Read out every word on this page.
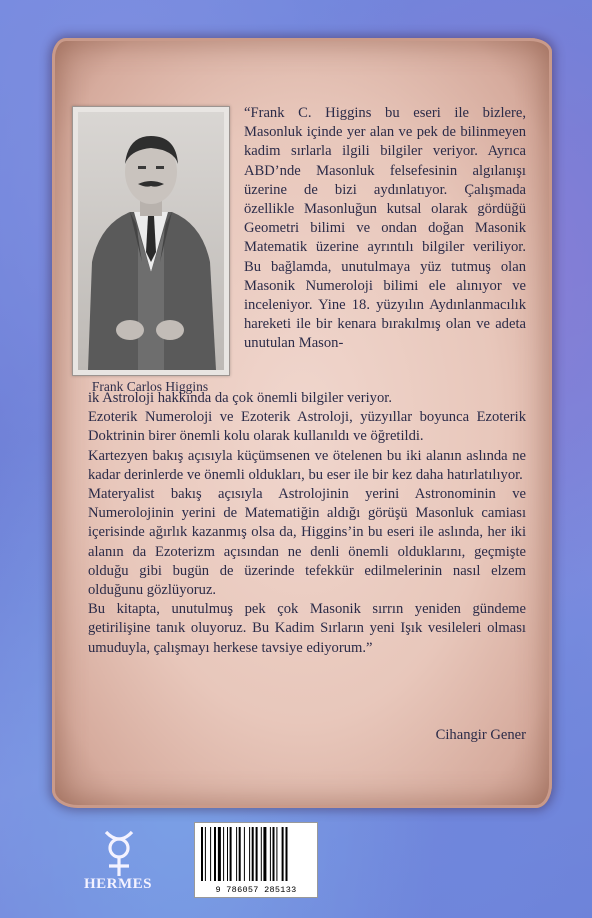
Frank Carlos Higgins

“Frank C. Higgins bu eseri ile bizlere, Masonluk içinde yer alan ve pek de bilinmeyen kadim sırlarla ilgili bilgiler veriyor. Ayrıca ABD’nde Masonluk felsefesinin algılanışı üzerine de bizi aydınlatıyor. Çalışmada özellikle Masonluğun kutsal olarak gördüğü Geometri bilimi ve ondan doğan Masonik Matematik üzerine ayrıntılı bilgiler veriliyor. Bu bağlamda, unutulmaya yüz tutmuş olan Masonik Numeroloji bilimi ele alınıyor ve inceleniyor. Yine 18. yüzyılın Aydınlanmacılık hareketi ile bir kenara bırakılmış olan ve adeta unutulan Mason-

ik Astroloji hakkında da çok önemli bilgiler veriyor.

Ezoterik Numeroloji ve Ezoterik Astroloji, yüzyıllar boyunca Ezoterik Doktrinin birer önemli kolu olarak kullanıldı ve öğretildi.

Kartezyen bakış açısıyla küçümsenen ve ötelenen bu iki alanın aslında ne kadar derinlerde ve önemli oldukları, bu eser ile bir kez daha hatırlatılıyor.

Materyalist bakış açısıyla Astrolojinin yerini Astronominin ve Numerolojinin yerini de Matematiğin aldığı görüşü Masonluk camiası içerisinde ağırlık kazanmış olsa da, Higgins’in bu eseri ile aslında, her iki alanın da Ezoterizm açısından ne denli önemli olduklarını, geçmişte olduğu gibi bugün de üzerinde tefekkür edilmelerinin nasıl elzem olduğunu gözlüyoruz.

Bu kitapta, unutulmuş pek çok Masonik sırrın yeniden gündeme getirilişine tanık oluyoruz. Bu Kadim Sırların yeni Işık vesileleri olması umuduyla, çalışmayı herkese tavsiye ediyorum.”

Cihangir Gener
HERMES	9 786057 285133
